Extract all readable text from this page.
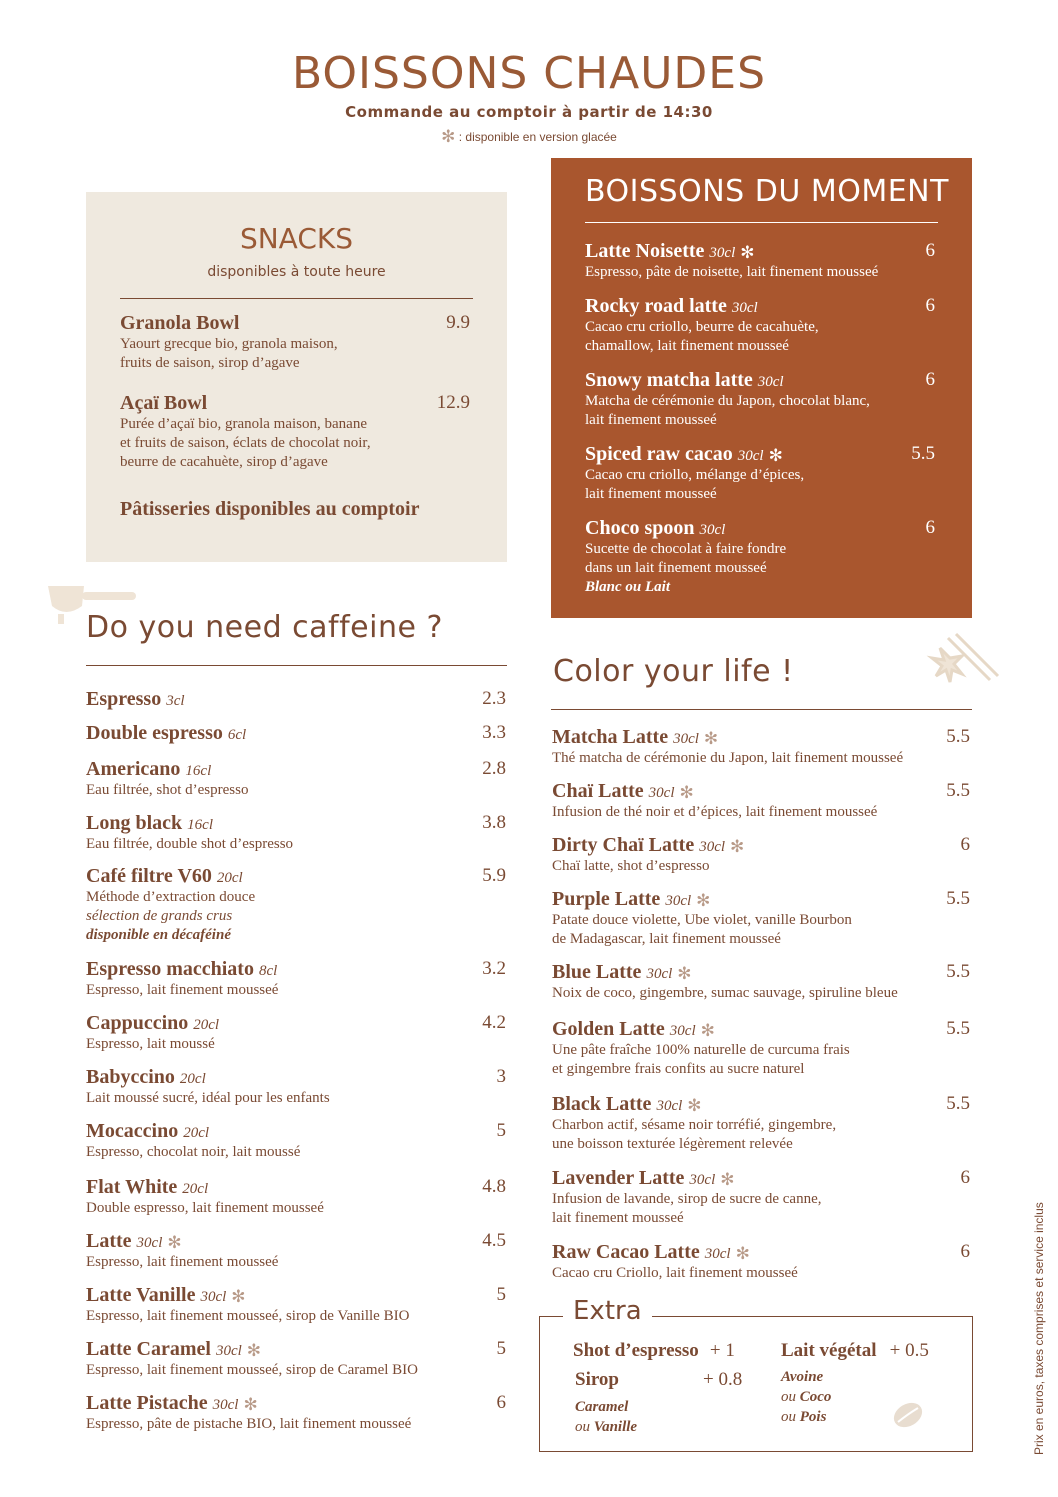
BOISSONS CHAUDES
Commande au comptoir à partir de 14:30
✻ : disponible en version glacée
SNACKS
disponibles à toute heure
Granola Bowl	9.9
Yaourt grecque bio, granola maison,
fruits de saison, sirop d’agave
Açaï Bowl	12.9
Purée d’açaï bio, granola maison, banane
et fruits de saison, éclats de chocolat noir,
beurre de cacahuète, sirop d’agave
Pâtisseries disponibles au comptoir
BOISSONS DU MOMENT
Latte Noisette 30cl ✻	6
Espresso, pâte de noisette, lait finement mousseé
Rocky road latte 30cl	6
Cacao cru criollo, beurre de cacahuète,
chamallow, lait finement mousseé
Snowy matcha latte 30cl	6
Matcha de cérémonie du Japon, chocolat blanc,
lait finement mousseé
Spiced raw cacao 30cl ✻	5.5
Cacao cru criollo, mélange d’épices,
lait finement mousseé
Choco spoon 30cl	6
Sucette de chocolat à faire fondre
dans un lait finement mousseé
Blanc ou Lait
Do you need caffeine ?
Espresso 3cl	2.3
Double espresso 6cl	3.3
Americano 16cl	2.8
Eau filtrée, shot d’espresso
Long black 16cl	3.8
Eau filtrée, double shot d’espresso
Café filtre V60 20cl	5.9
Méthode d’extraction douce
sélection de grands crus
disponible en décaféiné
Espresso macchiato 8cl	3.2
Espresso, lait finement mousseé
Cappuccino 20cl	4.2
Espresso, lait moussé
Babyccino 20cl	3
Lait moussé sucré, idéal pour les enfants
Mocaccino 20cl	5
Espresso, chocolat noir, lait moussé
Flat White 20cl	4.8
Double espresso, lait finement mousseé
Latte 30cl ✻	4.5
Espresso, lait finement mousseé
Latte Vanille 30cl ✻	5
Espresso, lait finement mousseé, sirop de Vanille BIO
Latte Caramel 30cl ✻	5
Espresso, lait finement mousseé, sirop de Caramel BIO
Latte Pistache 30cl ✻	6
Espresso, pâte de pistache BIO, lait finement mousseé
Color your life !
Matcha Latte 30cl ✻	5.5
Thé matcha de cérémonie du Japon, lait finement mousseé
Chaï Latte 30cl ✻	5.5
Infusion de thé noir et d’épices, lait finement mousseé
Dirty Chaï Latte 30cl ✻	6
Chaï latte, shot d’espresso
Purple Latte 30cl ✻	5.5
Patate douce violette, Ube violet, vanille Bourbon
de Madagascar, lait finement mousseé
Blue Latte 30cl ✻	5.5
Noix de coco, gingembre, sumac sauvage, spiruline bleue
Golden Latte 30cl ✻	5.5
Une pâte fraîche 100% naturelle de curcuma frais
et gingembre frais confits au sucre naturel
Black Latte 30cl ✻	5.5
Charbon actif, sésame noir torréfié, gingembre,
une boisson texturée légèrement relevée
Lavender Latte 30cl ✻	6
Infusion de lavande, sirop de sucre de canne,
lait finement mousseé
Raw Cacao Latte 30cl ✻	6
Cacao cru Criollo, lait finement mousseé
Extra
Shot d’espresso + 1
Sirop	+ 0.8
Caramel
ou Vanille
Lait végétal + 0.5
Avoine
ou Coco
ou Pois	Prix en euros, taxes comprises et service inclus
